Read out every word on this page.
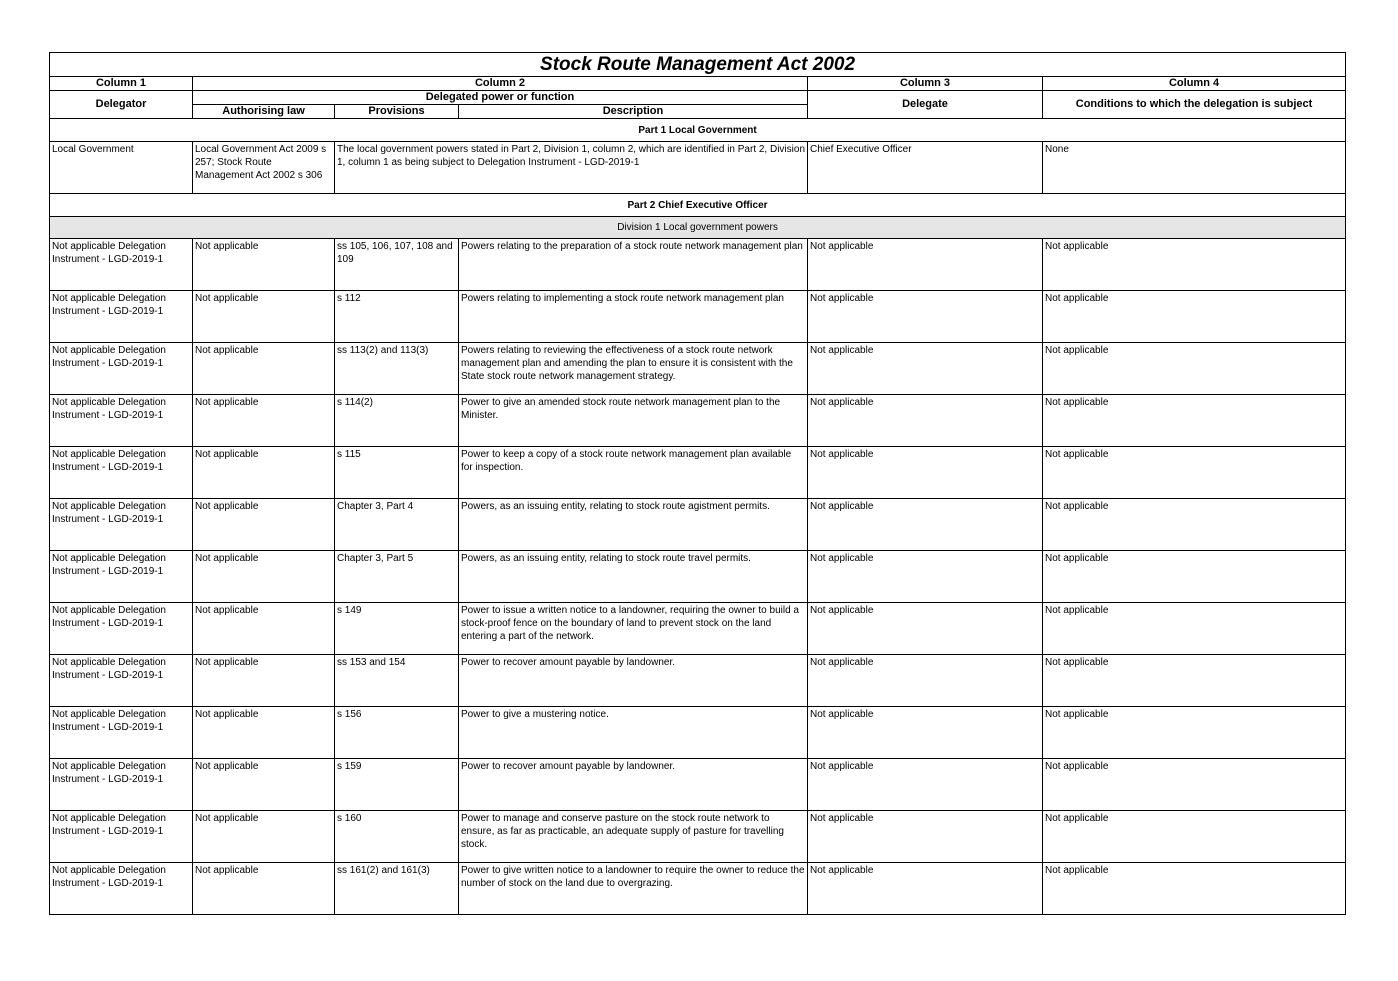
Stock Route Management Act 2002					
Column 1	Column 2			Column 3	Column 4
Delegator	Delegated power or function			Delegate	Conditions to which the delegation is subject
	Authorising law	Provisions	Description		
Part 1 Local Government					
Local Government	Local Government Act 2009 s 257; Stock Route Management Act 2002 s 306	The local government powers stated in Part 2, Division 1, column 2, which are identified in Part 2, Division 1, column 1 as being subject to Delegation Instrument - LGD-2019-1		Chief Executive Officer	None
Part 2 Chief Executive Officer					
Division 1 Local government powers					
Not applicable Delegation Instrument - LGD-2019-1	Not applicable	ss 105, 106, 107, 108 and 109	Powers relating to the preparation of a stock route network management plan	Not applicable	Not applicable
Not applicable Delegation Instrument - LGD-2019-1	Not applicable	s 112	Powers relating to implementing a stock route network management plan	Not applicable	Not applicable
Not applicable Delegation Instrument - LGD-2019-1	Not applicable	ss 113(2) and 113(3)	Powers relating to reviewing the effectiveness of a stock route network management plan and amending the plan to ensure it is consistent with the State stock route network management strategy.	Not applicable	Not applicable
Not applicable Delegation Instrument - LGD-2019-1	Not applicable	s 114(2)	Power to give an amended stock route network management plan to the Minister.	Not applicable	Not applicable
Not applicable Delegation Instrument - LGD-2019-1	Not applicable	s 115	Power to keep a copy of a stock route network management plan available for inspection.	Not applicable	Not applicable
Not applicable Delegation Instrument - LGD-2019-1	Not applicable	Chapter 3, Part 4	Powers, as an issuing entity, relating to stock route agistment permits.	Not applicable	Not applicable
Not applicable Delegation Instrument - LGD-2019-1	Not applicable	Chapter 3, Part 5	Powers, as an issuing entity, relating to stock route travel permits.	Not applicable	Not applicable
Not applicable Delegation Instrument - LGD-2019-1	Not applicable	s 149	Power to issue a written notice to a landowner, requiring the owner to build a stock-proof fence on the boundary of land to prevent stock on the land entering a part of the network.	Not applicable	Not applicable
Not applicable Delegation Instrument - LGD-2019-1	Not applicable	ss 153 and 154	Power to recover amount payable by landowner.	Not applicable	Not applicable
Not applicable Delegation Instrument - LGD-2019-1	Not applicable	s 156	Power to give a mustering notice.	Not applicable	Not applicable
Not applicable Delegation Instrument - LGD-2019-1	Not applicable	s 159	Power to recover amount payable by landowner.	Not applicable	Not applicable
Not applicable Delegation Instrument - LGD-2019-1	Not applicable	s 160	Power to manage and conserve pasture on the stock route network to ensure, as far as practicable, an adequate supply of pasture for travelling stock.	Not applicable	Not applicable
Not applicable Delegation Instrument - LGD-2019-1	Not applicable	ss 161(2) and 161(3)	Power to give written notice to a landowner to require the owner to reduce the number of stock on the land due to overgrazing.	Not applicable	Not applicable
